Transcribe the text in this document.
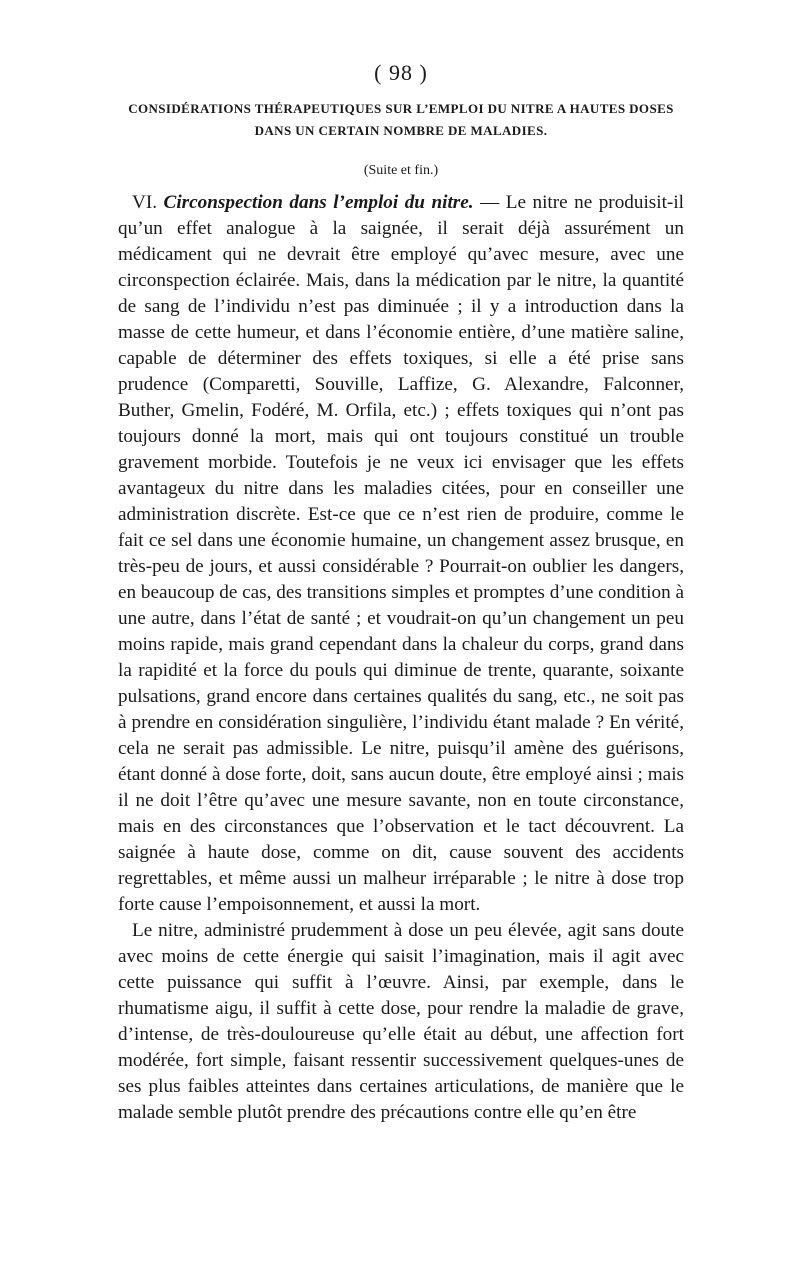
( 98 )
CONSIDÉRATIONS THÉRAPEUTIQUES SUR L’EMPLOI DU NITRE A HAUTES DOSES
DANS UN CERTAIN NOMBRE DE MALADIES.
(Suite et fin.)

VI. Circonspection dans l’emploi du nitre. — Le nitre ne produisit-il qu’un effet analogue à la saignée, il serait déjà assurément un médicament qui ne devrait être employé qu’avec mesure, avec une circonspection éclairée. Mais, dans la médication par le nitre, la quantité de sang de l’individu n’est pas diminuée ; il y a introduction dans la masse de cette humeur, et dans l’économie entière, d’une matière saline, capable de déterminer des effets toxiques, si elle a été prise sans prudence (Comparetti, Souville, Laffize, G. Alexandre, Falconner, Buther, Gmelin, Fodéré, M. Orfila, etc.) ; effets toxiques qui n’ont pas toujours donné la mort, mais qui ont toujours constitué un trouble gravement morbide. Toutefois je ne veux ici envisager que les effets avantageux du nitre dans les maladies citées, pour en conseiller une administration discrète. Est-ce que ce n’est rien de produire, comme le fait ce sel dans une économie humaine, un changement assez brusque, en très-peu de jours, et aussi considérable ? Pourrait-on oublier les dangers, en beaucoup de cas, des transitions simples et promptes d’une condition à une autre, dans l’état de santé ; et voudrait-on qu’un changement un peu moins rapide, mais grand cependant dans la chaleur du corps, grand dans la rapidité et la force du pouls qui diminue de trente, quarante, soixante pulsations, grand encore dans certaines qualités du sang, etc., ne soit pas à prendre en considération singulière, l’individu étant malade ? En vérité, cela ne serait pas admissible. Le nitre, puisqu’il amène des guérisons, étant donné à dose forte, doit, sans aucun doute, être employé ainsi ; mais il ne doit l’être qu’avec une mesure savante, non en toute circonstance, mais en des circonstances que l’observation et le tact découvrent. La saignée à haute dose, comme on dit, cause souvent des accidents regrettables, et même aussi un malheur irréparable ; le nitre à dose trop forte cause l’empoisonnement, et aussi la mort.

Le nitre, administré prudemment à dose un peu élevée, agit sans doute avec moins de cette énergie qui saisit l’imagination, mais il agit avec cette puissance qui suffit à l’œuvre. Ainsi, par exemple, dans le rhumatisme aigu, il suffit à cette dose, pour rendre la maladie de grave, d’intense, de très-douloureuse qu’elle était au début, une affection fort modérée, fort simple, faisant ressentir successivement quelques-unes de ses plus faibles atteintes dans certaines articulations, de manière que le malade semble plutôt prendre des précautions contre elle qu’en être
